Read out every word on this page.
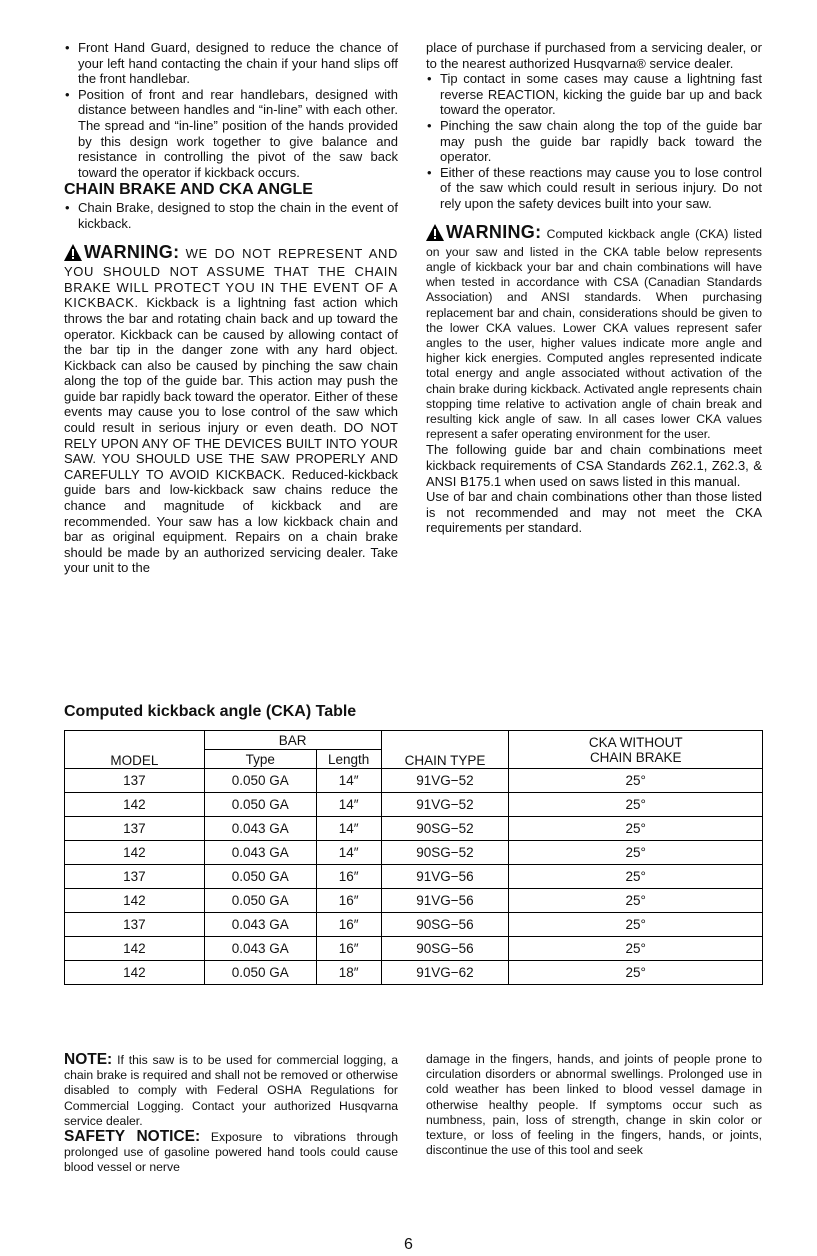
• Front Hand Guard, designed to reduce the chance of your left hand contacting the chain if your hand slips off the front handlebar.
• Position of front and rear handlebars, designed with distance between handles and “in-line” with each other. The spread and “in-line” position of the hands provided by this design work together to give balance and resistance in controlling the pivot of the saw back toward the operator if kickback occurs.
CHAIN BRAKE AND CKA ANGLE
• Chain Brake, designed to stop the chain in the event of kickback.

WARNING: WE DO NOT REPRESENT AND YOU SHOULD NOT ASSUME THAT THE CHAIN BRAKE WILL PROTECT YOU IN THE EVENT OF A KICKBACK. Kickback is a lightning fast action which throws the bar and rotating chain back and up toward the operator. Kickback can be caused by allowing contact of the bar tip in the danger zone with any hard object. Kickback can also be caused by pinching the saw chain along the top of the guide bar. This action may push the guide bar rapidly back toward the operator. Either of these events may cause you to lose control of the saw which could result in serious injury or even death. DO NOT RELY UPON ANY OF THE DEVICES BUILT INTO YOUR SAW. YOU SHOULD USE THE SAW PROPERLY AND CAREFULLY TO AVOID KICKBACK. Reduced-kickback guide bars and low-kickback saw chains reduce the chance and magnitude of kickback and are recommended. Your saw has a low kickback chain and bar as original equipment. Repairs on a chain brake should be made by an authorized servicing dealer. Take your unit to the

place of purchase if purchased from a servicing dealer, or to the nearest authorized Husqvarna® service dealer.

• Tip contact in some cases may cause a lightning fast reverse REACTION, kicking the guide bar up and back toward the operator.
• Pinching the saw chain along the top of the guide bar may push the guide bar rapidly back toward the operator.
• Either of these reactions may cause you to lose control of the saw which could result in serious injury. Do not rely upon the safety devices built into your saw.

WARNING: Computed kickback angle (CKA) listed on your saw and listed in the CKA table below represents angle of kickback your bar and chain combinations will have when tested in accordance with CSA (Canadian Standards Association) and ANSI standards. When purchasing replacement bar and chain, considerations should be given to the lower CKA values. Lower CKA values represent safer angles to the user, higher values indicate more angle and higher kick energies. Computed angles represented indicate total energy and angle associated without activation of the chain brake during kickback. Activated angle represents chain stopping time relative to activation angle of chain break and resulting kick angle of saw. In all cases lower CKA values represent a safer operating environment for the user.

The following guide bar and chain combinations meet kickback requirements of CSA Standards Z62.1, Z62.3, & ANSI B175.1 when used on saws listed in this manual.

Use of bar and chain combinations other than those listed is not recommended and may not meet the CKA requirements per standard.

Computed kickback angle (CKA) Table
MODEL	BAR		CHAIN TYPE	CKA WITHOUT
CHAIN BRAKE

	Type	Length		
137	0.050 GA	14″	91VG−52	25°
142	0.050 GA	14″	91VG−52	25°
137	0.043 GA	14″	90SG−52	25°
142	0.043 GA	14″	90SG−52	25°
137	0.050 GA	16″	91VG−56	25°
142	0.050 GA	16″	91VG−56	25°
137	0.043 GA	16″	90SG−56	25°
142	0.043 GA	16″	90SG−56	25°
142	0.050 GA	18″	91VG−62	25°

NOTE: If this saw is to be used for commercial logging, a chain brake is required and shall not be removed or otherwise disabled to comply with Federal OSHA Regulations for Commercial Logging. Contact your authorized Husqvarna service dealer.

SAFETY NOTICE: Exposure to vibrations through prolonged use of gasoline powered hand tools could cause blood vessel or nerve

damage in the fingers, hands, and joints of people prone to circulation disorders or abnormal swellings. Prolonged use in cold weather has been linked to blood vessel damage in otherwise healthy people. If symptoms occur such as numbness, pain, loss of strength, change in skin color or texture, or loss of feeling in the fingers, hands, or joints, discontinue the use of this tool and seek

6
